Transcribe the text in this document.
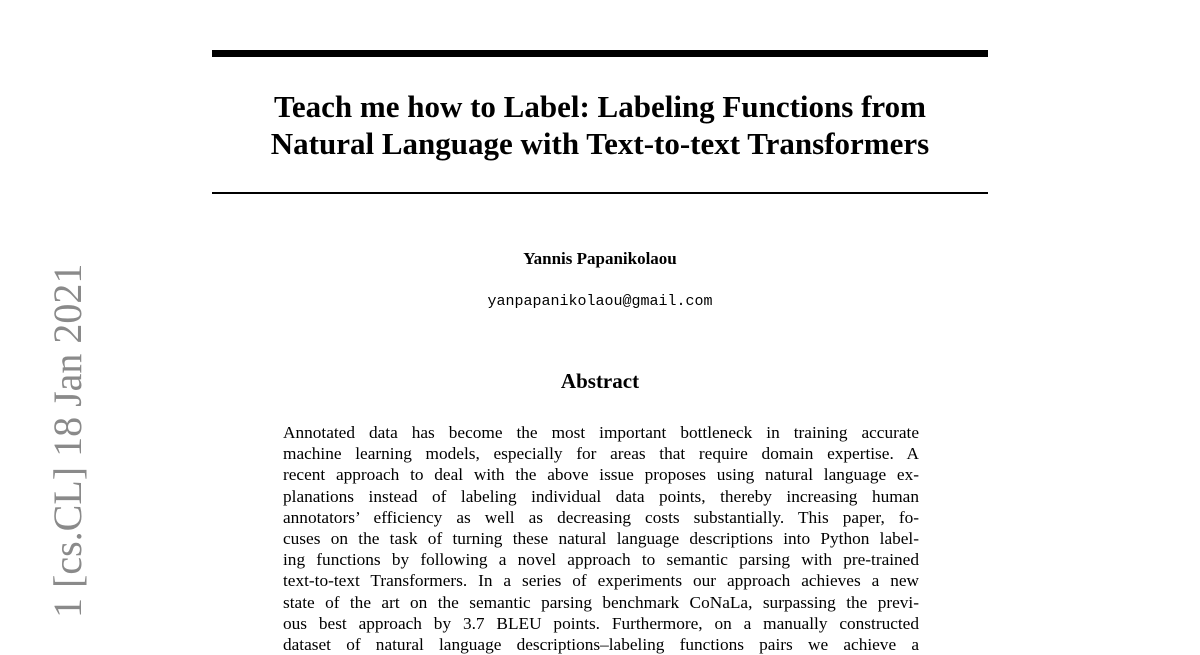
Teach me how to Label: Labeling Functions from
Natural Language with Text-to-text Transformers
Yannis Papanikolaou
yanpapanikolaou@gmail.com
Abstract
Annotated data has become the most important bottleneck in training accurate
machine learning models, especially for areas that require domain expertise. A
recent approach to deal with the above issue proposes using natural language ex-
planations instead of labeling individual data points, thereby increasing human
annotators’ efficiency as well as decreasing costs substantially. This paper, fo-
cuses on the task of turning these natural language descriptions into Python label-
ing functions by following a novel approach to semantic parsing with pre-trained
text-to-text Transformers. In a series of experiments our approach achieves a new
state of the art on the semantic parsing benchmark CoNaLa, surpassing the previ-
ous best approach by 3.7 BLEU points. Furthermore, on a manually constructed
dataset of natural language descriptions–labeling functions pairs we achieve a
1 [cs.CL] 18 Jan 2021
